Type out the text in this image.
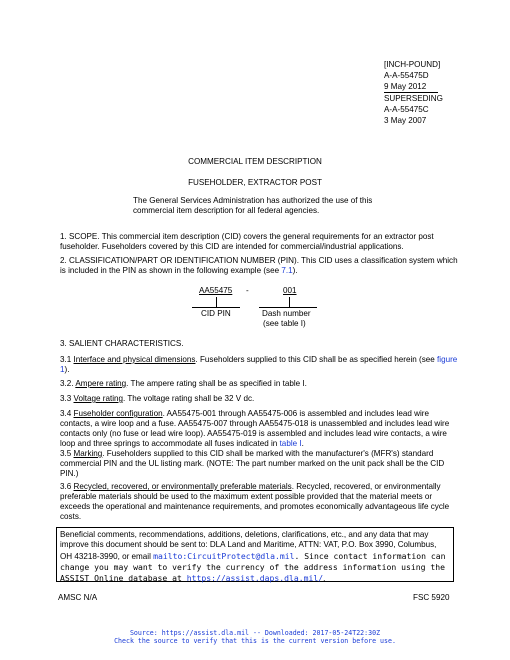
[INCH-POUND]
A-A-55475D
9 May 2012
SUPERSEDING
A-A-55475C
3 May 2007
COMMERCIAL ITEM DESCRIPTION
FUSEHOLDER, EXTRACTOR POST
The General Services Administration has authorized the use of this commercial item description for all federal agencies.

1. SCOPE. This commercial item description (CID) covers the general requirements for an extractor post fuseholder. Fuseholders covered by this CID are intended for commercial/industrial applications.

2. CLASSIFICATION/PART OR IDENTIFICATION NUMBER (PIN). This CID uses a classification system which is included in the PIN as shown in the following example (see 7.1).

AA55475 -	001
CID PIN	Dash number
(see table I)
3. SALIENT CHARACTERISTICS.

3.1 Interface and physical dimensions. Fuseholders supplied to this CID shall be as specified herein (see figure 1).

3.2. Ampere rating. The ampere rating shall be as specified in table I.

3.3 Voltage rating. The voltage rating shall be 32 V dc.

3.4 Fuseholder configuration. AA55475-001 through AA55475-006 is assembled and includes lead wire contacts, a wire loop and a fuse. AA55475-007 through AA55475-018 is unassembled and includes lead wire contacts only (no fuse or lead wire loop). AA55475-019 is assembled and includes lead wire contacts, a wire loop and three springs to accommodate all fuses indicated in table I.

3.5 Marking. Fuseholders supplied to this CID shall be marked with the manufacturer's (MFR's) standard commercial PIN and the UL listing mark. (NOTE: The part number marked on the unit pack shall be the CID PIN.)

3.6 Recycled, recovered, or environmentally preferable materials. Recycled, recovered, or environmentally preferable materials should be used to the maximum extent possible provided that the material meets or exceeds the operational and maintenance requirements, and promotes economically advantageous life cycle costs.

Beneficial comments, recommendations, additions, deletions, clarifications, etc., and any data that may improve this document should be sent to: DLA Land and Maritime, ATTN: VAT, P.O. Box 3990, Columbus, OH 43218-3990, or email mailto:CircuitProtect@dla.mil. Since contact information can change you may want to verify the currency of the address information using the ASSIST Online database at https://assist.daps.dla.mil/.
AMSC N/A	FSC 5920
Source: https://assist.dla.mil -- Downloaded: 2017-05-24T22:30Z
Check the source to verify that this is the current version before use.
